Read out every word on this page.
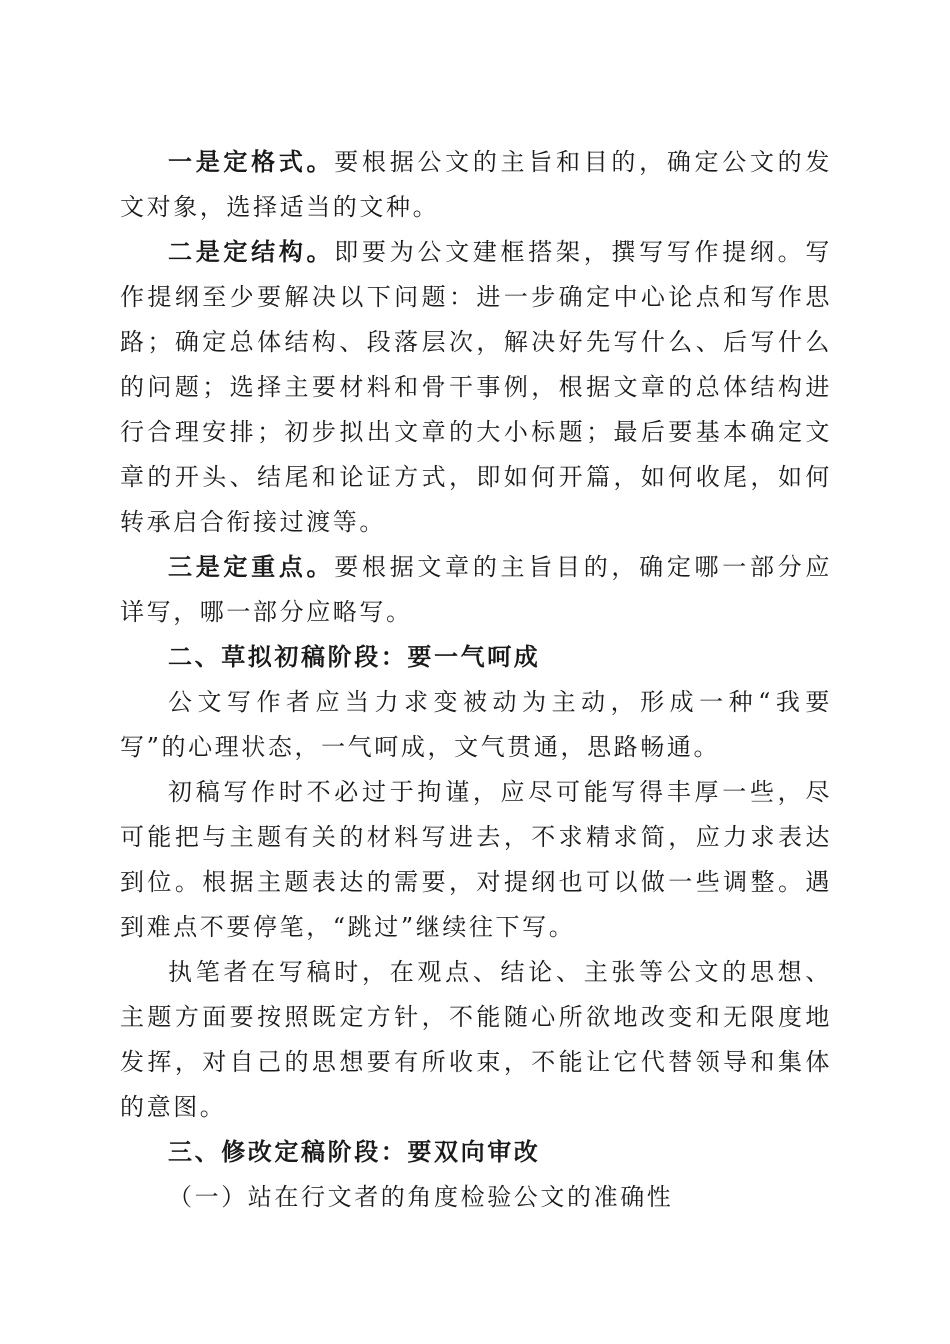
一是定格式。要根据公文的主旨和目的，确定公文的发文对象，选择适当的文种。

二是定结构。即要为公文建框搭架，撰写写作提纲。写作提纲至少要解决以下问题：进一步确定中心论点和写作思路；确定总体结构、段落层次，解决好先写什么、后写什么的问题；选择主要材料和骨干事例，根据文章的总体结构进行合理安排；初步拟出文章的大小标题；最后要基本确定文章的开头、结尾和论证方式，即如何开篇，如何收尾，如何转承启合衔接过渡等。

三是定重点。要根据文章的主旨目的，确定哪一部分应详写，哪一部分应略写。

二、草拟初稿阶段：要一气呵成

公文写作者应当力求变被动为主动，形成一种“我要写”的心理状态，一气呵成，文气贯通，思路畅通。

初稿写作时不必过于拘谨，应尽可能写得丰厚一些，尽可能把与主题有关的材料写进去，不求精求简，应力求表达到位。根据主题表达的需要，对提纲也可以做一些调整。遇到难点不要停笔，“跳过”继续往下写。

执笔者在写稿时，在观点、结论、主张等公文的思想、主题方面要按照既定方针，不能随心所欲地改变和无限度地发挥，对自己的思想要有所收束，不能让它代替领导和集体的意图。

三、修改定稿阶段：要双向审改

（一）站在行文者的角度检验公文的准确性
